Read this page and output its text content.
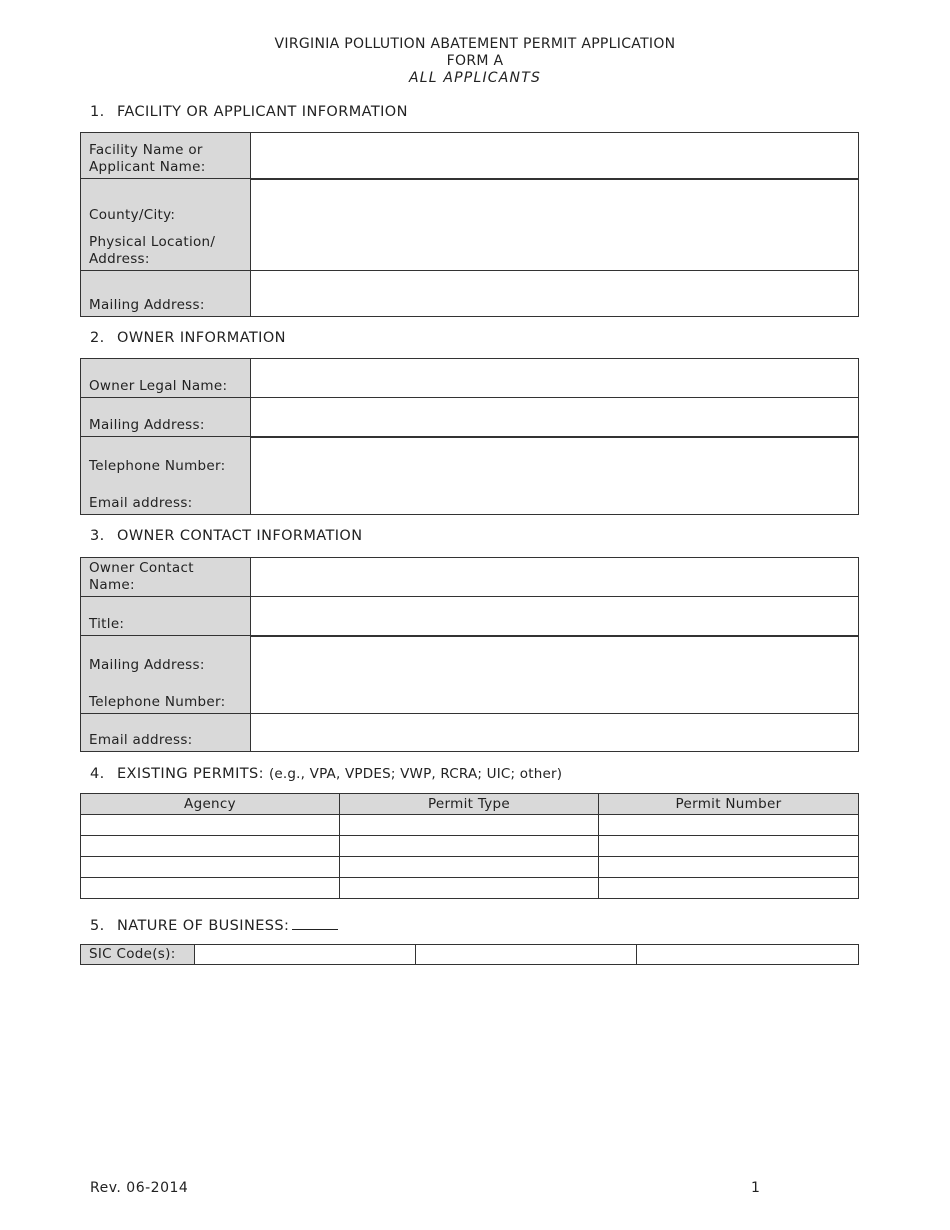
VIRGINIA POLLUTION ABATEMENT PERMIT APPLICATION
FORM A
ALL APPLICANTS
1. FACILITY OR APPLICANT INFORMATION
Facility Name or Applicant Name:	

County/City:
Physical Location/ Address:	

Mailing Address:	
2. OWNER INFORMATION
Owner Legal Name:	
Mailing Address:	

Telephone Number:
Email address:	

3. OWNER CONTACT INFORMATION
Owner Contact Name:	
Title:	

Mailing Address:
Telephone Number:	

Email address:	
4. EXISTING PERMITS: (e.g., VPA, VPDES; VWP, RCRA; UIC; other)
Agency	Permit Type	Permit Number

5. NATURE OF BUSINESS:
SIC Code(s):			
Rev. 06-2014	1
